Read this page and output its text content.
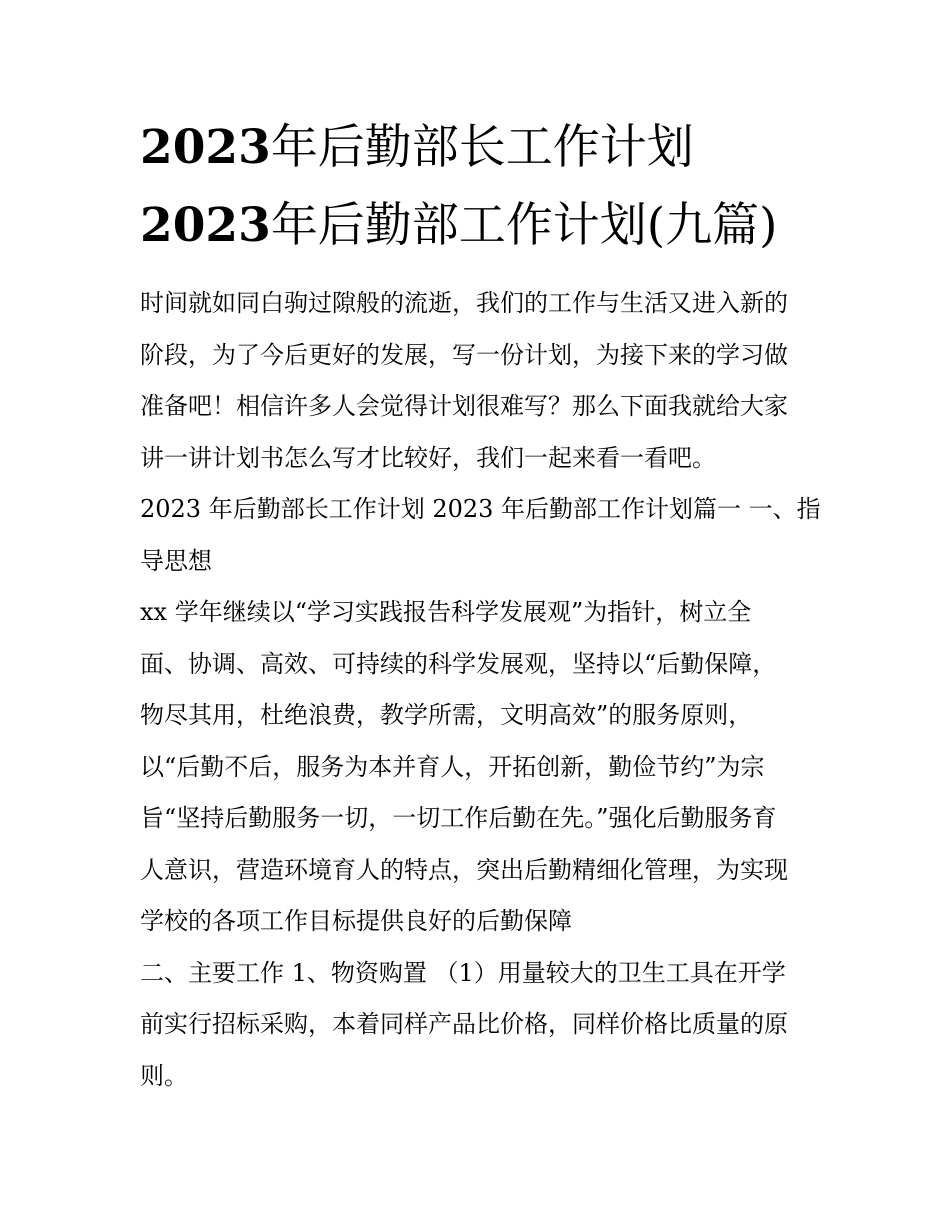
2023年后勤部长工作计划
2023年后勤部工作计划(九篇)
时间就如同白驹过隙般的流逝，我们的工作与生活又进入新的
阶段，为了今后更好的发展，写一份计划，为接下来的学习做
准备吧！相信许多人会觉得计划很难写？那么下面我就给大家
讲一讲计划书怎么写才比较好，我们一起来看一看吧。
2023 年后勤部长工作计划 2023 年后勤部工作计划篇一 一、指
导思想
xx 学年继续以“学习实践报告科学发展观”为指针，树立全
面、协调、高效、可持续的科学发展观，坚持以“后勤保障，
物尽其用，杜绝浪费，教学所需，文明高效”的服务原则，
以“后勤不后，服务为本并育人，开拓创新，勤俭节约”为宗
旨“坚持后勤服务一切，一切工作后勤在先。”强化后勤服务育
人意识，营造环境育人的特点，突出后勤精细化管理，为实现
学校的各项工作目标提供良好的后勤保障
二、主要工作 1、物资购置 （1）用量较大的卫生工具在开学
前实行招标采购，本着同样产品比价格，同样价格比质量的原
则。
